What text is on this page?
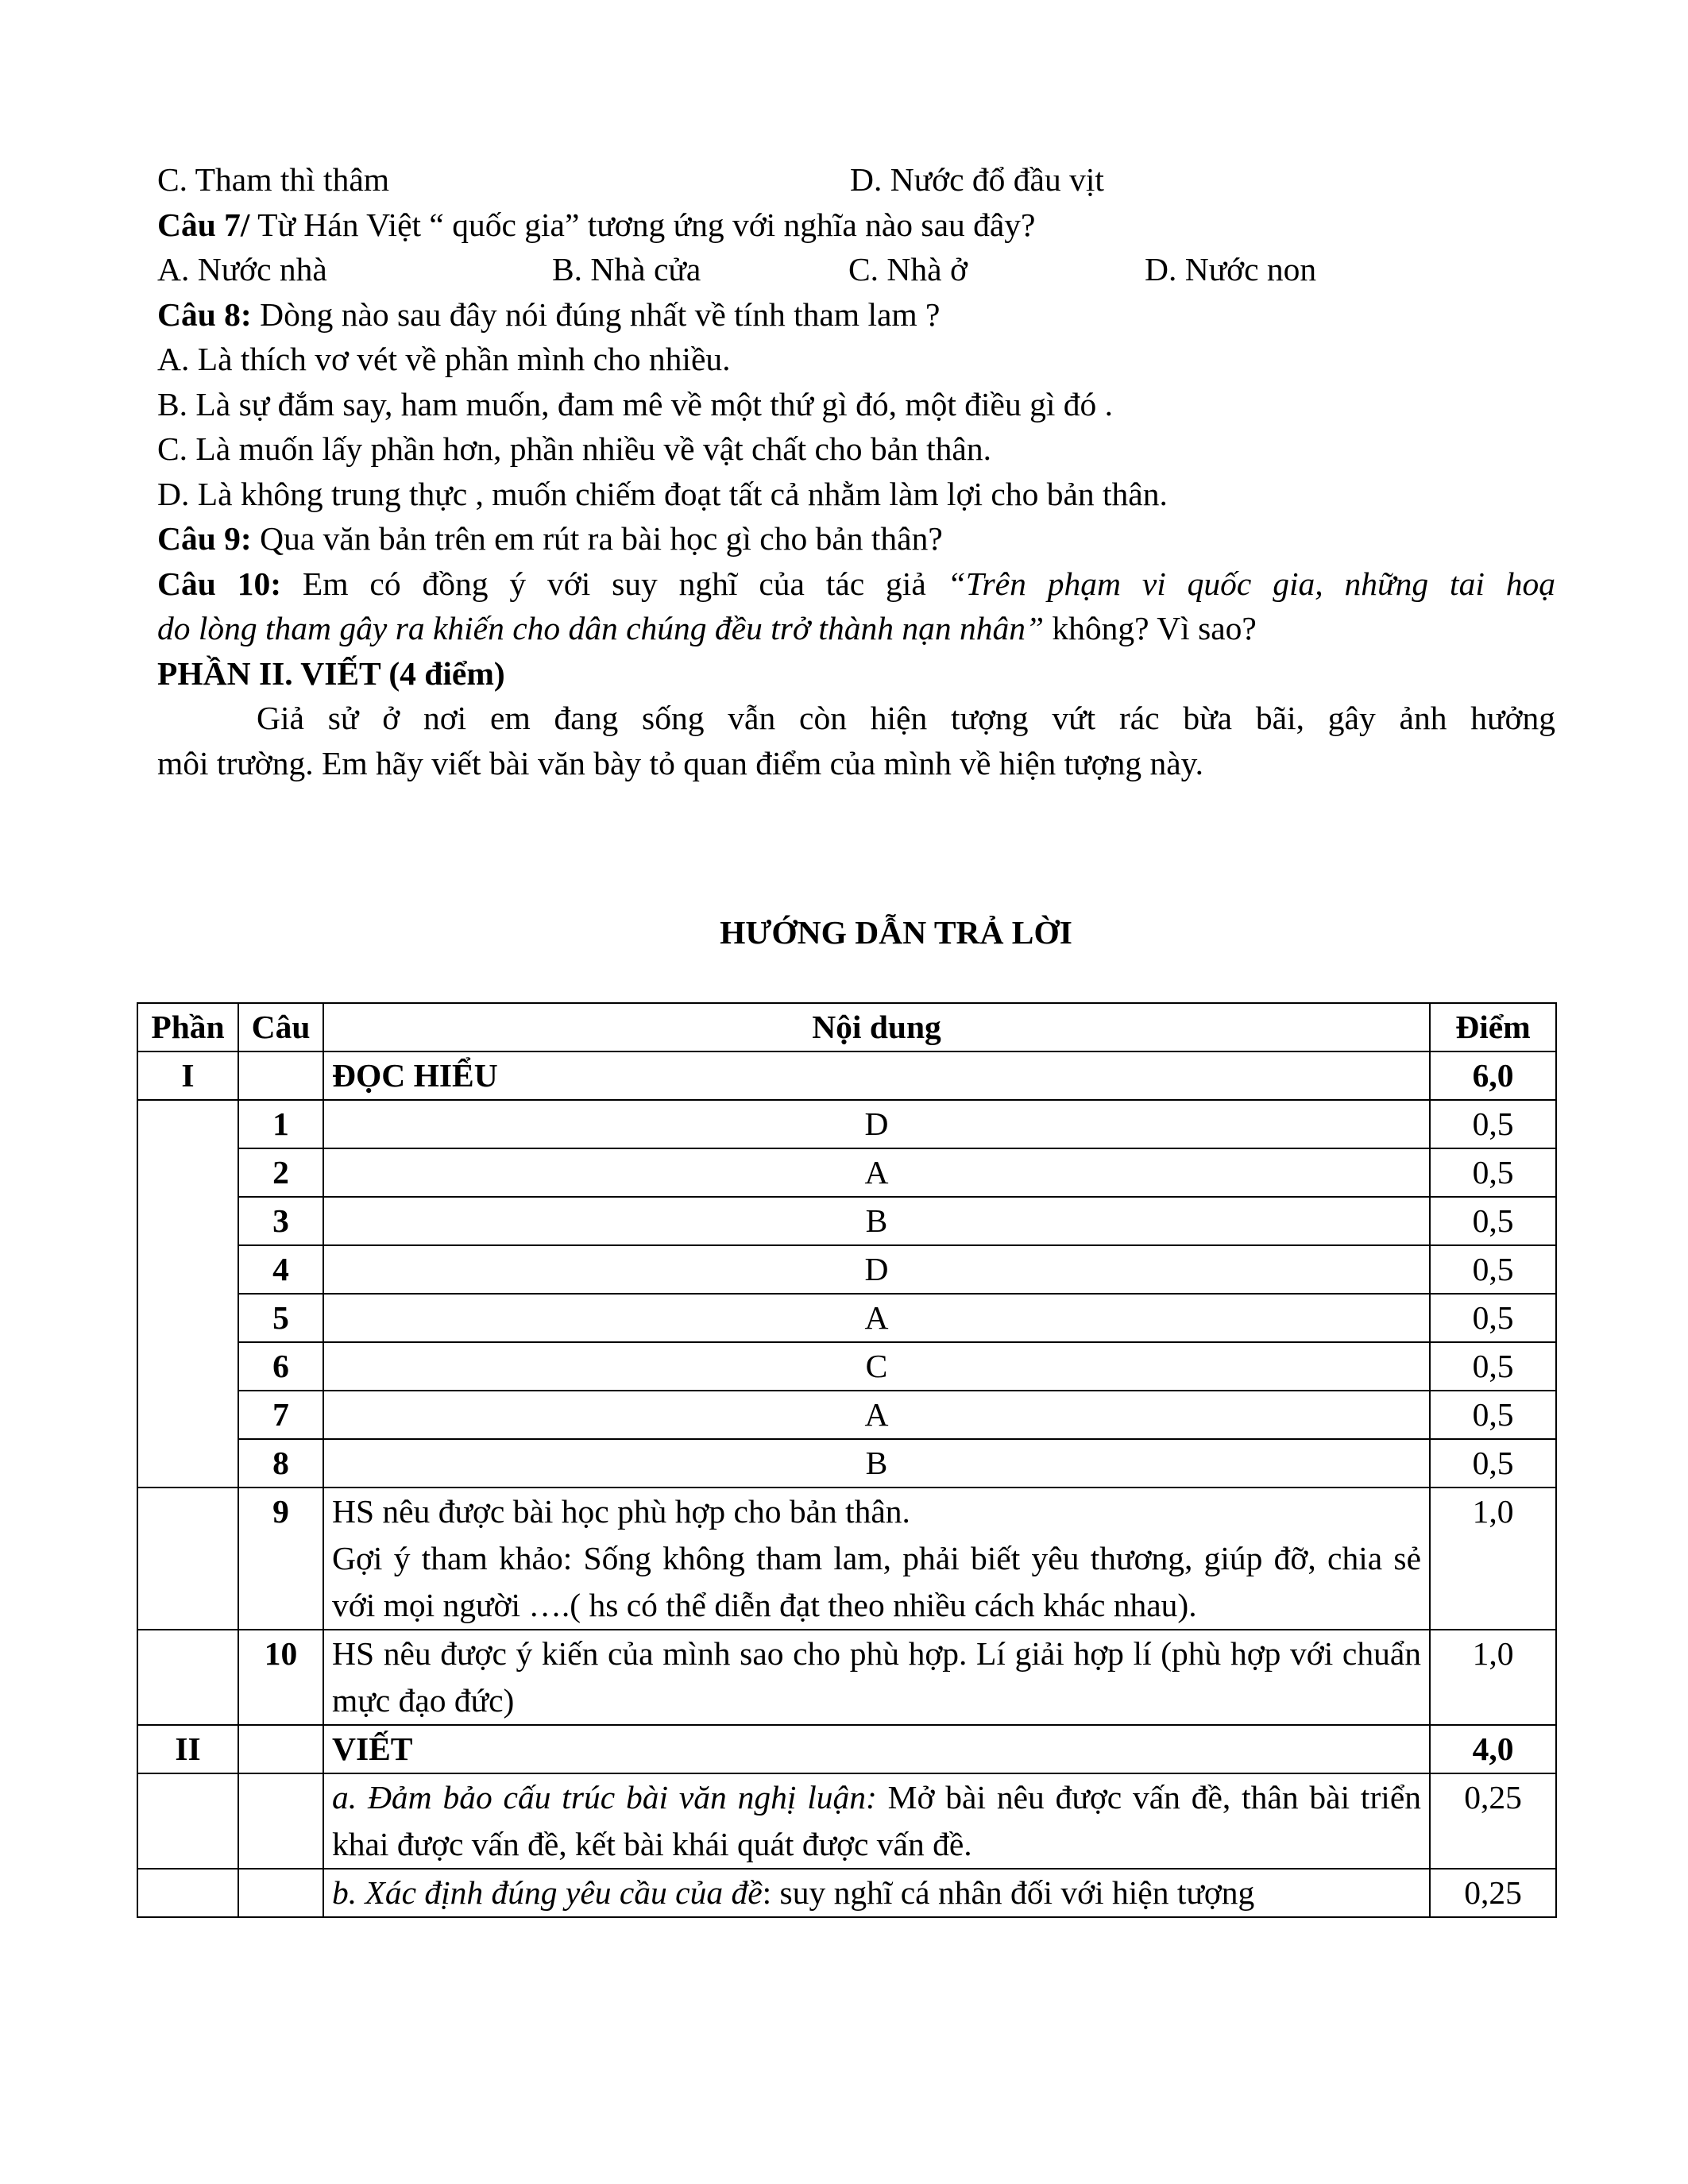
C. Tham thì thâm	D. Nước đổ đầu vịt
Câu 7/ Từ Hán Việt “ quốc gia” tương ứng với nghĩa nào sau đây?
A. Nước nhà	B. Nhà cửa	C. Nhà ở	D. Nước non
Câu 8: Dòng nào sau đây nói đúng nhất về tính tham lam ?
A. Là thích vơ vét về phần mình cho nhiều.
B. Là sự đắm say, ham muốn, đam mê về một thứ gì đó, một điều gì đó .
C. Là muốn lấy phần hơn, phần nhiều về vật chất cho bản thân.
D. Là không trung thực , muốn chiếm đoạt tất cả nhằm làm lợi cho bản thân.
Câu 9: Qua văn bản trên em rút ra bài học gì cho bản thân?
Câu 10: Em có đồng ý với suy nghĩ của tác giả “Trên phạm vi quốc gia, những tai hoạ
do lòng tham gây ra khiến cho dân chúng đều trở thành nạn nhân” không? Vì sao?
PHẦN II. VIẾT (4 điểm)
Giả sử ở nơi em đang sống vẫn còn hiện tượng vứt rác bừa bãi, gây ảnh hưởng
môi trường. Em hãy viết bài văn bày tỏ quan điểm của mình về hiện tượng này.
HƯỚNG DẪN TRẢ LỜI
Phần	Câu	Nội dung	Điểm
I		ĐỌC HIỂU	6,0
	1	D	0,5
	2	A	0,5
	3	B	0,5
	4	D	0,5
	5	A	0,5
	6	C	0,5
	7	A	0,5
	8	B	0,5
	9	HS nêu được bài học phù hợp cho bản thân.
Gợi ý tham khảo: Sống không tham lam, phải biết yêu thương, giúp đỡ, chia sẻ với mọi người ….( hs có thể diễn đạt theo nhiều cách khác nhau).	1,0
	10	HS nêu được ý kiến của mình sao cho phù hợp. Lí giải hợp lí (phù hợp với chuẩn mực đạo đức)	1,0
II		VIẾT	4,0
		a. Đảm bảo cấu trúc bài văn nghị luận: Mở bài nêu được vấn đề, thân bài triển khai được vấn đề, kết bài khái quát được vấn đề.	0,25
		b. Xác định đúng yêu cầu của đề: suy nghĩ cá nhân đối với hiện tượng	0,25
